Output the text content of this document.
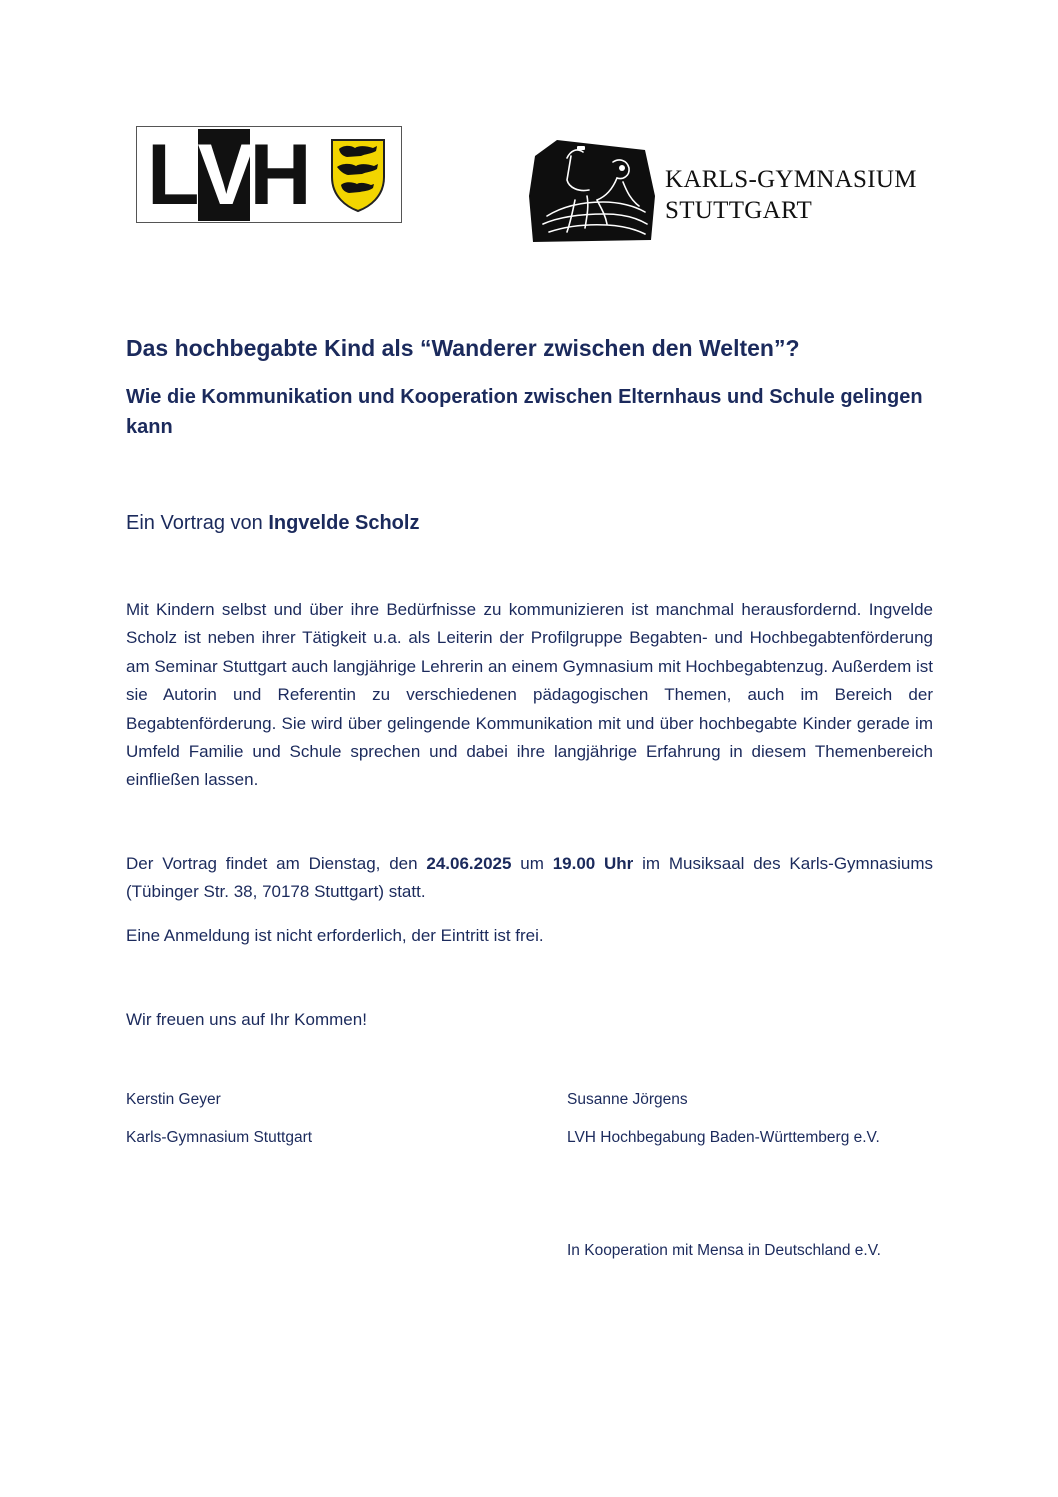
L V
H	KARLS-GYMNASIUM
STUTTGART
Das hochbegabte Kind als “Wanderer zwischen den Welten”?
Wie die Kommunikation und Kooperation zwischen Elternhaus und Schule gelingen kann
Ein Vortrag von Ingvelde Scholz

Mit Kindern selbst und über ihre Bedürfnisse zu kommunizieren ist manchmal herausfordernd. Ingvelde Scholz ist neben ihrer Tätigkeit u.a. als Leiterin der Profilgruppe Begabten- und Hochbegabtenförderung am Seminar Stuttgart auch langjährige Lehrerin an einem Gymnasium mit Hochbegabtenzug. Außerdem ist sie Autorin und Referentin zu verschiedenen pädagogischen Themen, auch im Bereich der Begabtenförderung. Sie wird über gelingende Kommunikation mit und über hochbegabte Kinder gerade im Umfeld Familie und Schule sprechen und dabei ihre langjährige Erfahrung in diesem Themenbereich einfließen lassen.

Der Vortrag findet am Dienstag, den 24.06.2025 um 19.00 Uhr im Musiksaal des Karls-Gymnasiums (Tübinger Str. 38, 70178 Stuttgart) statt.

Eine Anmeldung ist nicht erforderlich, der Eintritt ist frei.
Wir freuen uns auf Ihr Kommen!
Kerstin Geyer
Karls-Gymnasium Stuttgart
Susanne Jörgens
LVH Hochbegabung Baden-Württemberg e.V.
In Kooperation mit Mensa in Deutschland e.V.
